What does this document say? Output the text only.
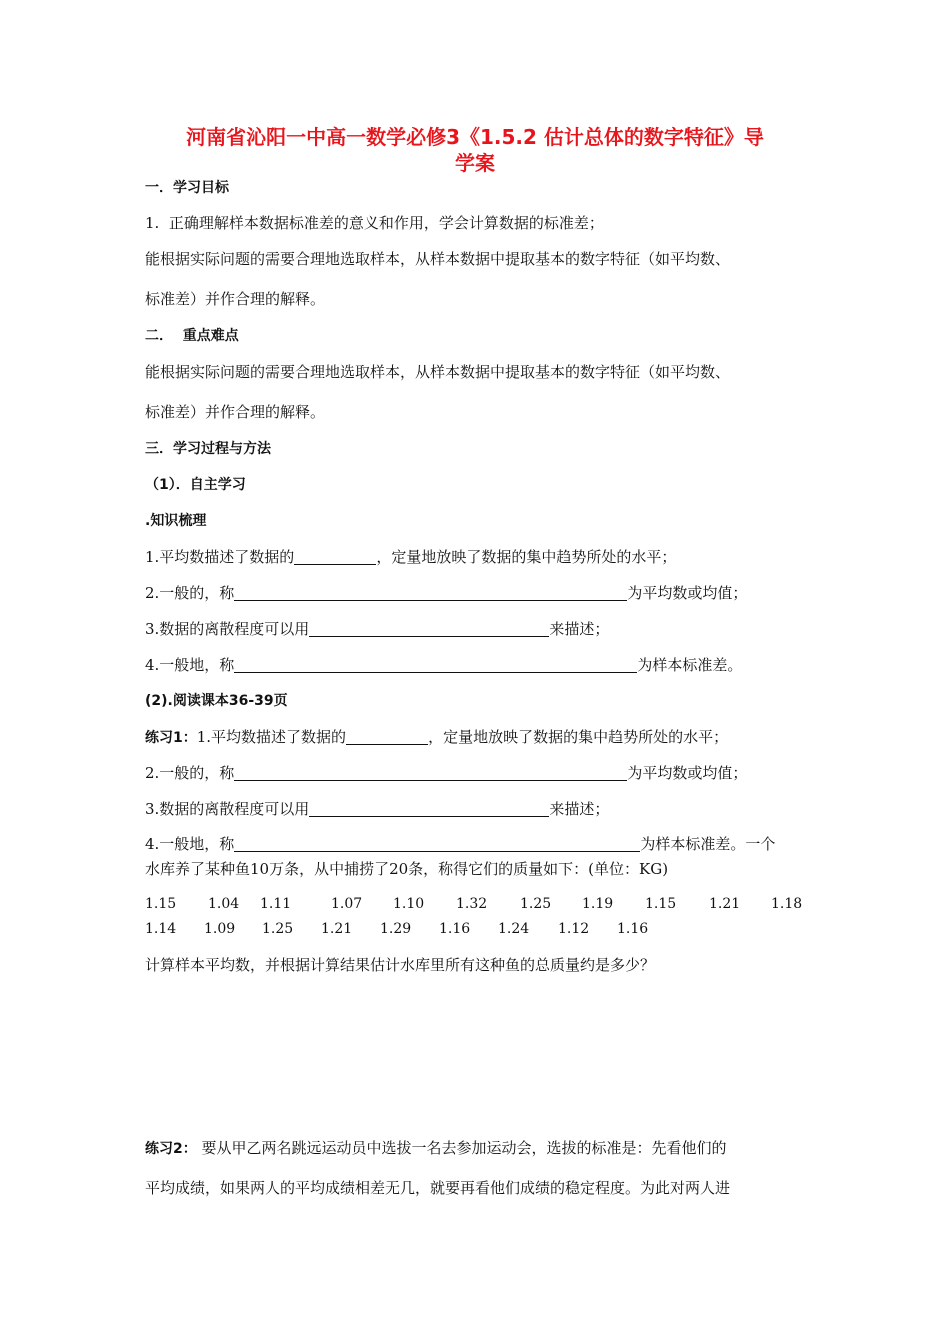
河南省沁阳一中高一数学必修3《1.5.2 估计总体的数字特征》导
学案
一．学习目标
1.  正确理解样本数据标准差的意义和作用，学会计算数据的标准差；
能根据实际问题的需要合理地选取样本，从样本数据中提取基本的数字特征（如平均数、
标准差）并作合理的解释。
二．  重点难点
能根据实际问题的需要合理地选取样本，从样本数据中提取基本的数字特征（如平均数、
标准差）并作合理的解释。
三．学习过程与方法
（1）．自主学习
.知识梳理
1.平均数描述了数据的	，定量地放映了数据的集中趋势所处的水平；
2.一般的，称	为平均数或均值；
3.数据的离散程度可以用	来描述；
4.一般地，称	为样本标准差。
(2).阅读课本36-39页
练习1：1.平均数描述了数据的	，定量地放映了数据的集中趋势所处的水平；
2.一般的，称	为平均数或均值；
3.数据的离散程度可以用	来描述；
4.一般地，称	为样本标准差。一个
水库养了某种鱼10万条，从中捕捞了20条，称得它们的质量如下：(单位：KG)
1.15 1.04 1.11	1.07 1.10 1.32 1.25 1.19 1.15 1.21 1.18
1.14 1.09 1.25 1.21 1.29 1.16 1.24 1.12 1.16
计算样本平均数，并根据计算结果估计水库里所有这种鱼的总质量约是多少？
练习2： 要从甲乙两名跳远运动员中选拔一名去参加运动会，选拔的标准是：先看他们的
平均成绩，如果两人的平均成绩相差无几，就要再看他们成绩的稳定程度。为此对两人进
